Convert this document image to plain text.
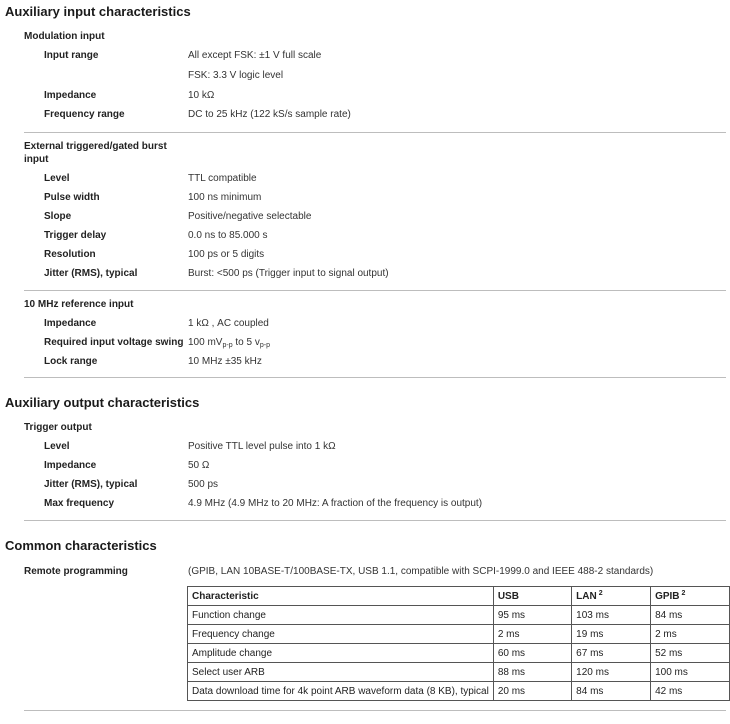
Auxiliary input characteristics
Modulation input
Input range	All except FSK: ±1 V full scale
FSK: 3.3 V logic level
Impedance	10 kΩ
Frequency range	DC to 25 kHz (122 kS/s sample rate)
External triggered/gated burst
input
Level	TTL compatible
Pulse width	100 ns minimum
Slope	Positive/negative selectable
Trigger delay	0.0 ns to 85.000 s
Resolution	100 ps or 5 digits
Jitter (RMS), typical	Burst: <500 ps (Trigger input to signal output)
10 MHz reference input
Impedance	1 kΩ , AC coupled
Required input voltage swing 100 $mV_{p-p}$ to 5 $v_{p-p}$
Lock range	10 MHz ±35 kHz
Auxiliary output characteristics
Trigger output
Level	Positive TTL level pulse into 1 kΩ
Impedance	50 Ω
Jitter (RMS), typical	500 ps
Max frequency	4.9 MHz (4.9 MHz to 20 MHz: A fraction of the frequency is output)
Common characteristics
Remote programming	(GPIB, LAN 10BASE-T/100BASE-TX, USB 1.1, compatible with SCPI-1999.0 and IEEE 488-2 standards)
Characteristic	USB	LAN $^2$	GPIB $^2$
Function change	95 ms	103 ms	84 ms
Frequency change	2 ms	19 ms	2 ms
Amplitude change	60 ms	67 ms	52 ms
Select user ARB	88 ms	120 ms	100 ms
Data download time for 4k point ARB waveform data (8 KB), typical	20 ms	84 ms	42 ms
